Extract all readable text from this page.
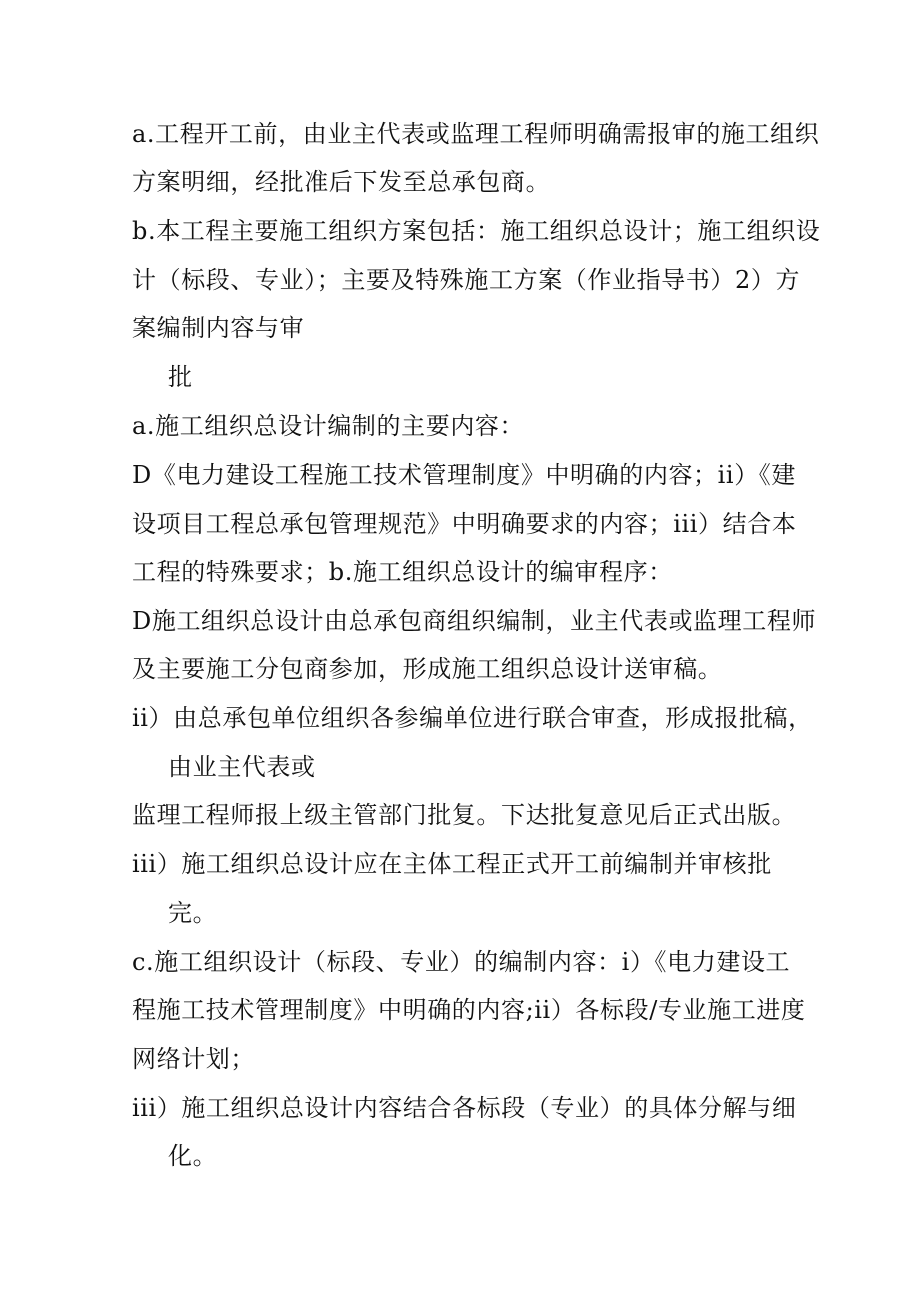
a.工程开工前，由业主代表或监理工程师明确需报审的施工组织
方案明细，经批准后下发至总承包商。
b.本工程主要施工组织方案包括：施工组织总设计；施工组织设
计（标段、专业）；主要及特殊施工方案（作业指导书）2）方
案编制内容与审
批
a.施工组织总设计编制的主要内容：
D《电力建设工程施工技术管理制度》中明确的内容；ii）《建
设项目工程总承包管理规范》中明确要求的内容；iii）结合本
工程的特殊要求；b.施工组织总设计的编审程序：
D施工组织总设计由总承包商组织编制，业主代表或监理工程师
及主要施工分包商参加，形成施工组织总设计送审稿。
ii）由总承包单位组织各参编单位进行联合审查，形成报批稿，
由业主代表或
监理工程师报上级主管部门批复。下达批复意见后正式出版。
iii）施工组织总设计应在主体工程正式开工前编制并审核批
完。
c.施工组织设计（标段、专业）的编制内容：i）《电力建设工
程施工技术管理制度》中明确的内容;ii）各标段/专业施工进度
网络计划；
iii）施工组织总设计内容结合各标段（专业）的具体分解与细
化。
